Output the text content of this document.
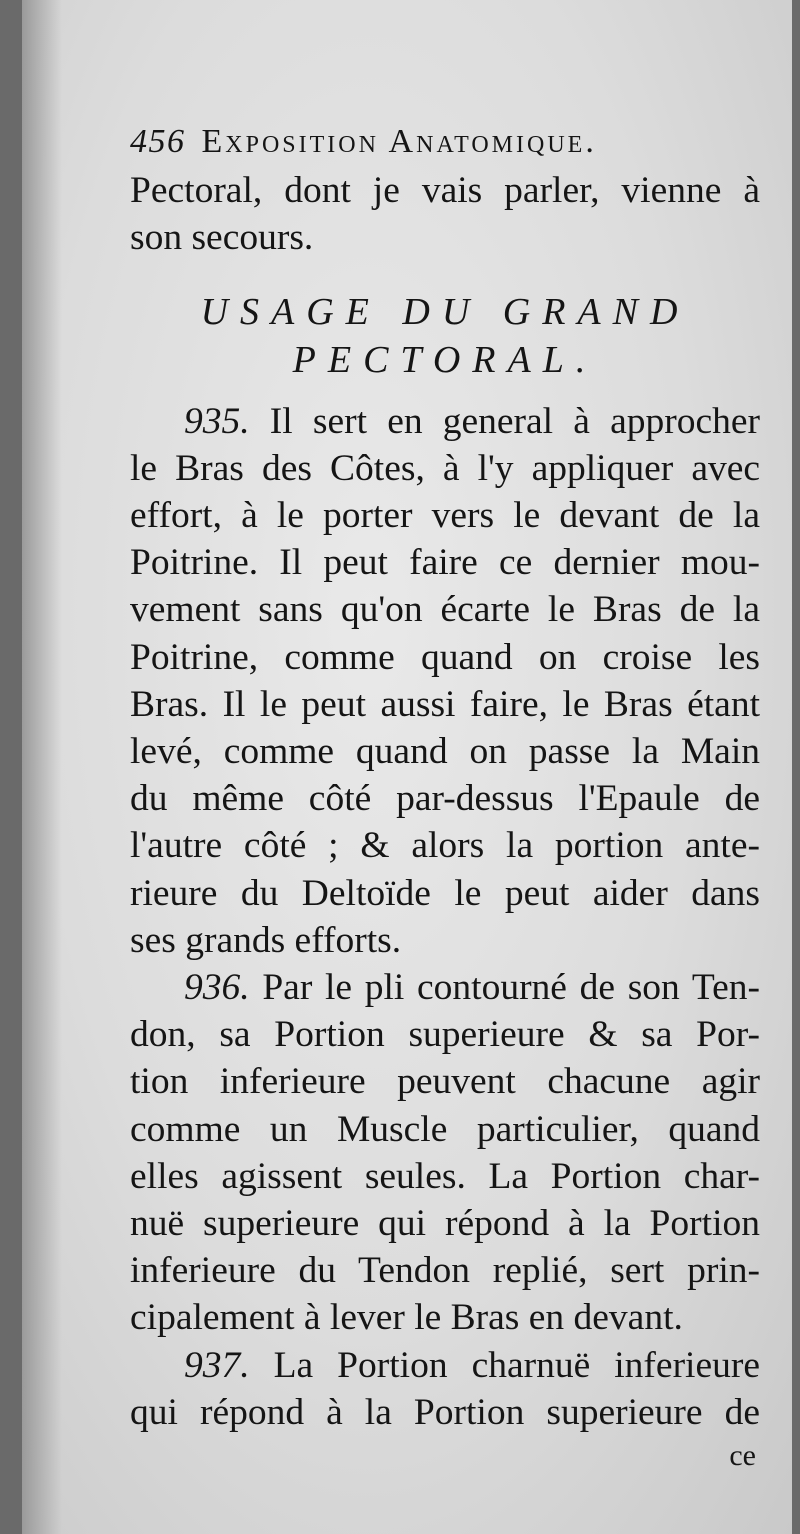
456 Exposition Anatomique.
Pectoral, dont je vais parler, vienne à
son secours.
USAGE DU GRAND
PECTORAL.
935. Il sert en general à approcher
le Bras des Côtes, à l'y appliquer avec
effort, à le porter vers le devant de la
Poitrine. Il peut faire ce dernier mou-
vement sans qu'on écarte le Bras de la
Poitrine, comme quand on croise les
Bras. Il le peut aussi faire, le Bras étant
levé, comme quand on passe la Main
du même côté par-dessus l'Epaule de
l'autre côté ; & alors la portion ante-
rieure du Deltoïde le peut aider dans
ses grands efforts.
936. Par le pli contourné de son Ten-
don, sa Portion superieure & sa Por-
tion inferieure peuvent chacune agir
comme un Muscle particulier, quand
elles agissent seules. La Portion char-
nuë superieure qui répond à la Portion
inferieure du Tendon replié, sert prin-
cipalement à lever le Bras en devant.
937. La Portion charnuë inferieure
qui répond à la Portion superieure de
ce
